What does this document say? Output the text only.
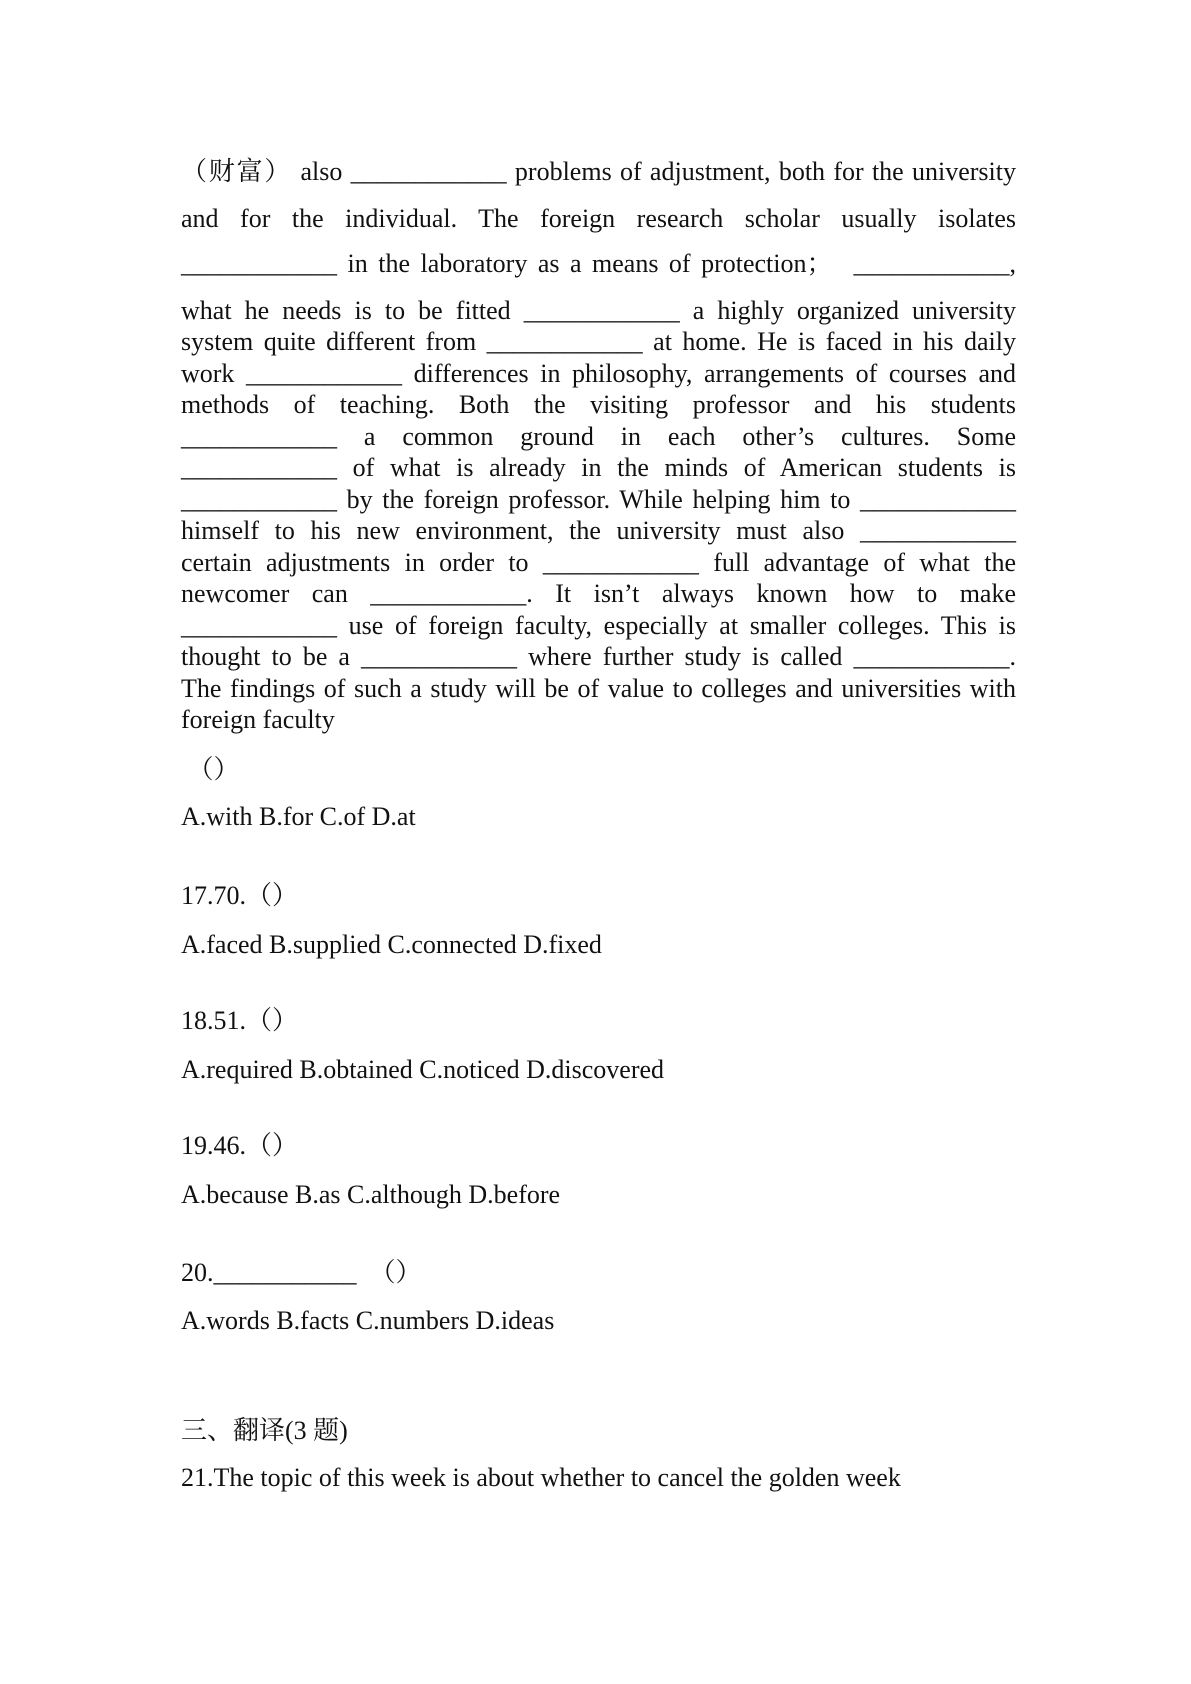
（财富） also ____________ problems of adjustment, both for the university

and for the individual. The foreign research scholar usually isolates

____________ in the laboratory as a means of protection；  ____________,

what he needs is to be fitted ____________ a highly organized university

system quite different from ____________ at home. He is faced in his daily

work ____________ differences in philosophy, arrangements of courses and

methods of teaching. Both the visiting professor and his students

____________ a common ground in each other’s cultures. Some

____________ of what is already in the minds of American students is

____________ by the foreign professor. While helping him to ____________

himself to his new environment, the university must also ____________

certain adjustments in order to ____________ full advantage of what the

newcomer can ____________. It isn’t always known how to make

____________ use of foreign faculty, especially at smaller colleges. This is

thought to be a ____________ where further study is called ____________.

The findings of such a study will be of value to colleges and universities with

foreign faculty

（）

A.with B.for C.of D.at

17.70.（）

A.faced B.supplied C.connected D.fixed

18.51.（）

A.required B.obtained C.noticed D.discovered

19.46.（）

A.because B.as C.although D.before

20.___________  （）

A.words B.facts C.numbers D.ideas

三、翻译(3 题)

21.The topic of this week is about whether to cancel the golden week
